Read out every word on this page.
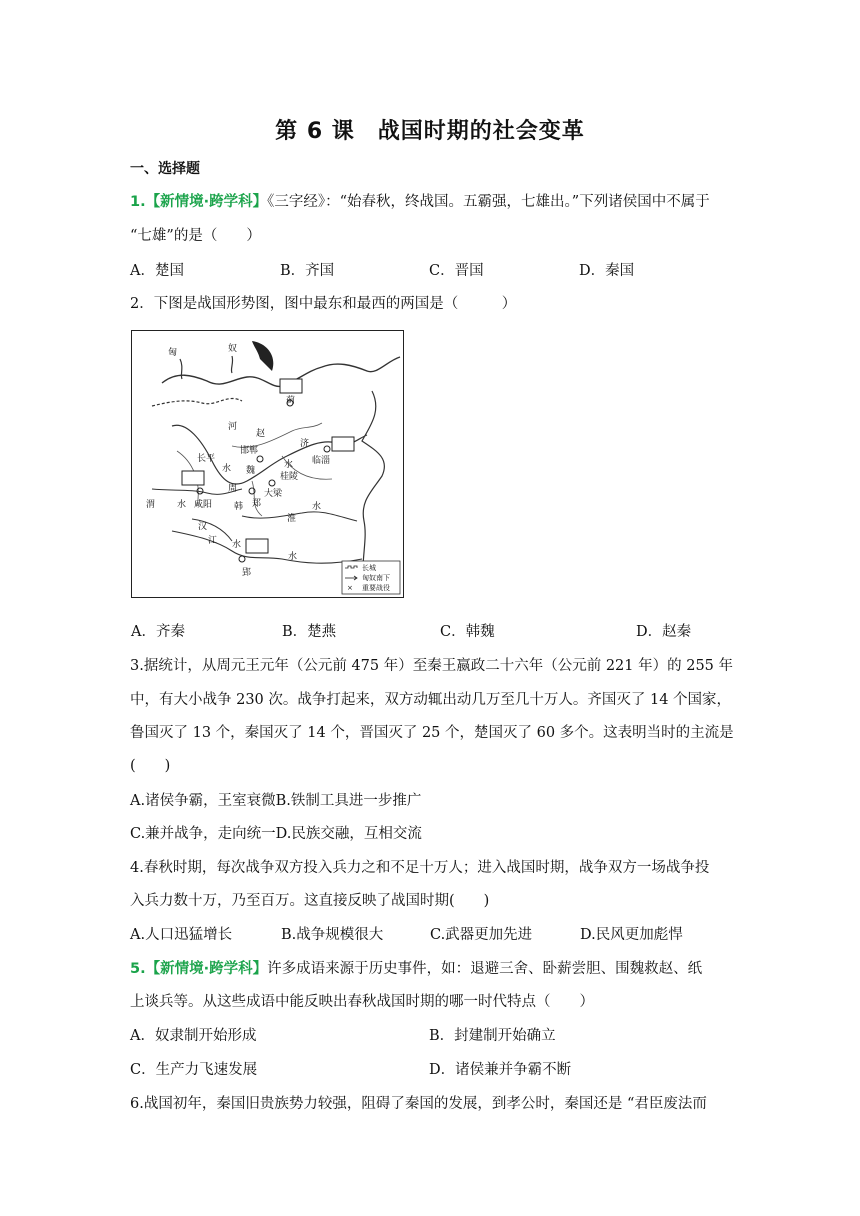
第 6 课　战国时期的社会变革
一、选择题
1.【新情境·跨学科】《三字经》：“始春秋，终战国。五霸强，七雄出。”下列诸侯国中不属于
“七雄”的是（　　）
A．楚国	B．齐国	C．晋国	D．秦国
2．下图是战国形势图，图中最东和最西的两国是（　　　）
匈	奴
蓟
赵
河
济
邯郸
长平	临淄
水 魏
水
桂陵
周	大梁
韩 郑
渭 水 咸阳
淮
水
汉
江 水
郢
水
长城
匈奴南下
× 重要战役
A．齐秦	B．楚燕	C．韩魏	D．赵秦
3.据统计，从周元王元年（公元前 475 年）至秦王嬴政二十六年（公元前 221 年）的 255 年
中，有大小战争 230 次。战争打起来，双方动辄出动几万至几十万人。齐国灭了 14 个国家，
鲁国灭了 13 个，秦国灭了 14 个，晋国灭了 25 个，楚国灭了 60 多个。这表明当时的主流是
(　　)
A.诸侯争霸，王室衰微B.铁制工具进一步推广
C.兼并战争，走向统一D.民族交融，互相交流
4.春秋时期，每次战争双方投入兵力之和不足十万人；进入战国时期，战争双方一场战争投
入兵力数十万，乃至百万。这直接反映了战国时期(　　)
A.人口迅猛增长	B.战争规模很大	C.武器更加先进	D.民风更加彪悍
5.【新情境·跨学科】许多成语来源于历史事件，如：退避三舍、卧薪尝胆、围魏救赵、纸
上谈兵等。从这些成语中能反映出春秋战国时期的哪一时代特点（　　）
A．奴隶制开始形成	B．封建制开始确立
C．生产力飞速发展	D．诸侯兼并争霸不断
6.战国初年，秦国旧贵族势力较强，阻碍了秦国的发展，到孝公时，秦国还是 “君臣废法而
